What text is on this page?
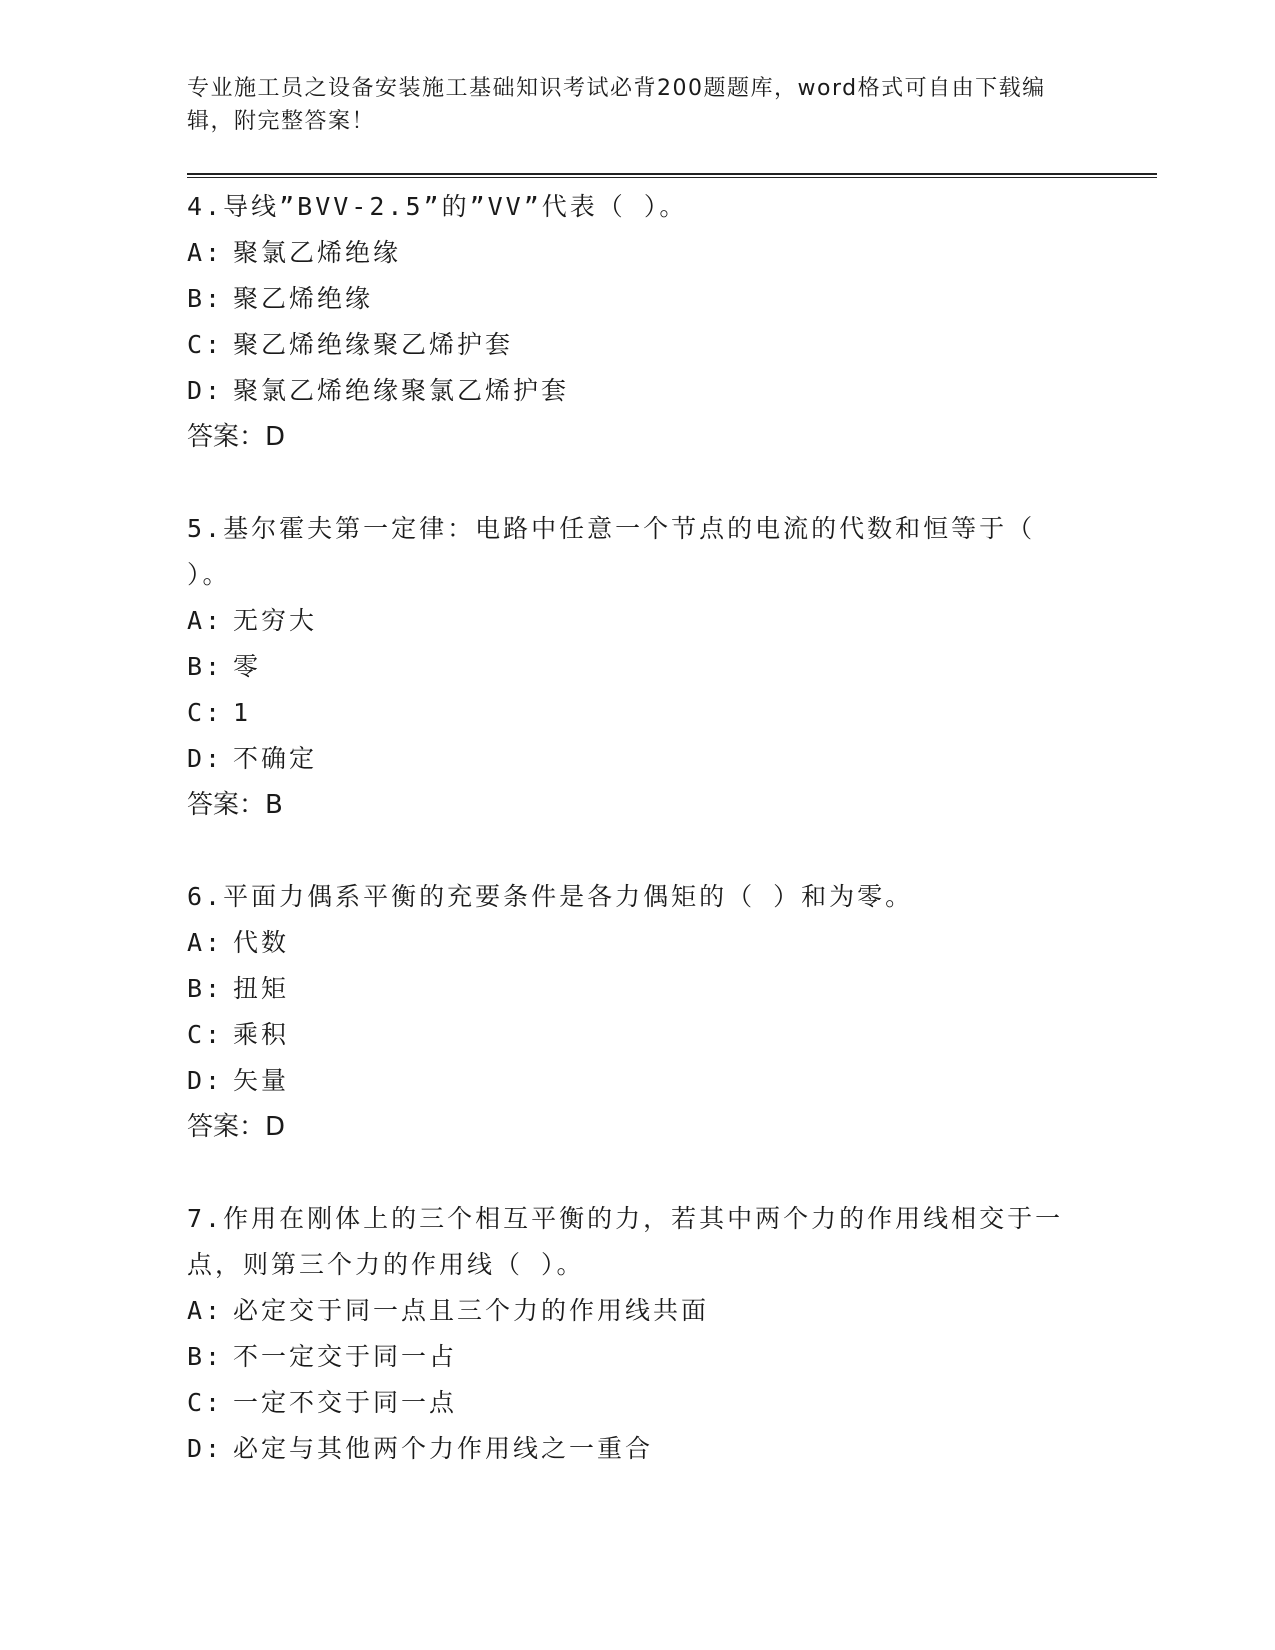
专业施工员之设备安装施工基础知识考试必背200题题库，word格式可自由下载编辑，附完整答案！

4.导线”BVV-2.5”的”VV”代表（ ）。

A: 聚氯乙烯绝缘

B: 聚乙烯绝缘

C: 聚乙烯绝缘聚乙烯护套

D: 聚氯乙烯绝缘聚氯乙烯护套

答案：D

5.基尔霍夫第一定律：电路中任意一个节点的电流的代数和恒等于（ ）。

A: 无穷大

B: 零

C: 1

D: 不确定

答案：B

6.平面力偶系平衡的充要条件是各力偶矩的（ ）和为零。

A: 代数

B: 扭矩

C: 乘积

D: 矢量

答案：D

7.作用在刚体上的三个相互平衡的力，若其中两个力的作用线相交于一点，则第三个力的作用线（ ）。

A: 必定交于同一点且三个力的作用线共面

B: 不一定交于同一占

C: 一定不交于同一点

D: 必定与其他两个力作用线之一重合
